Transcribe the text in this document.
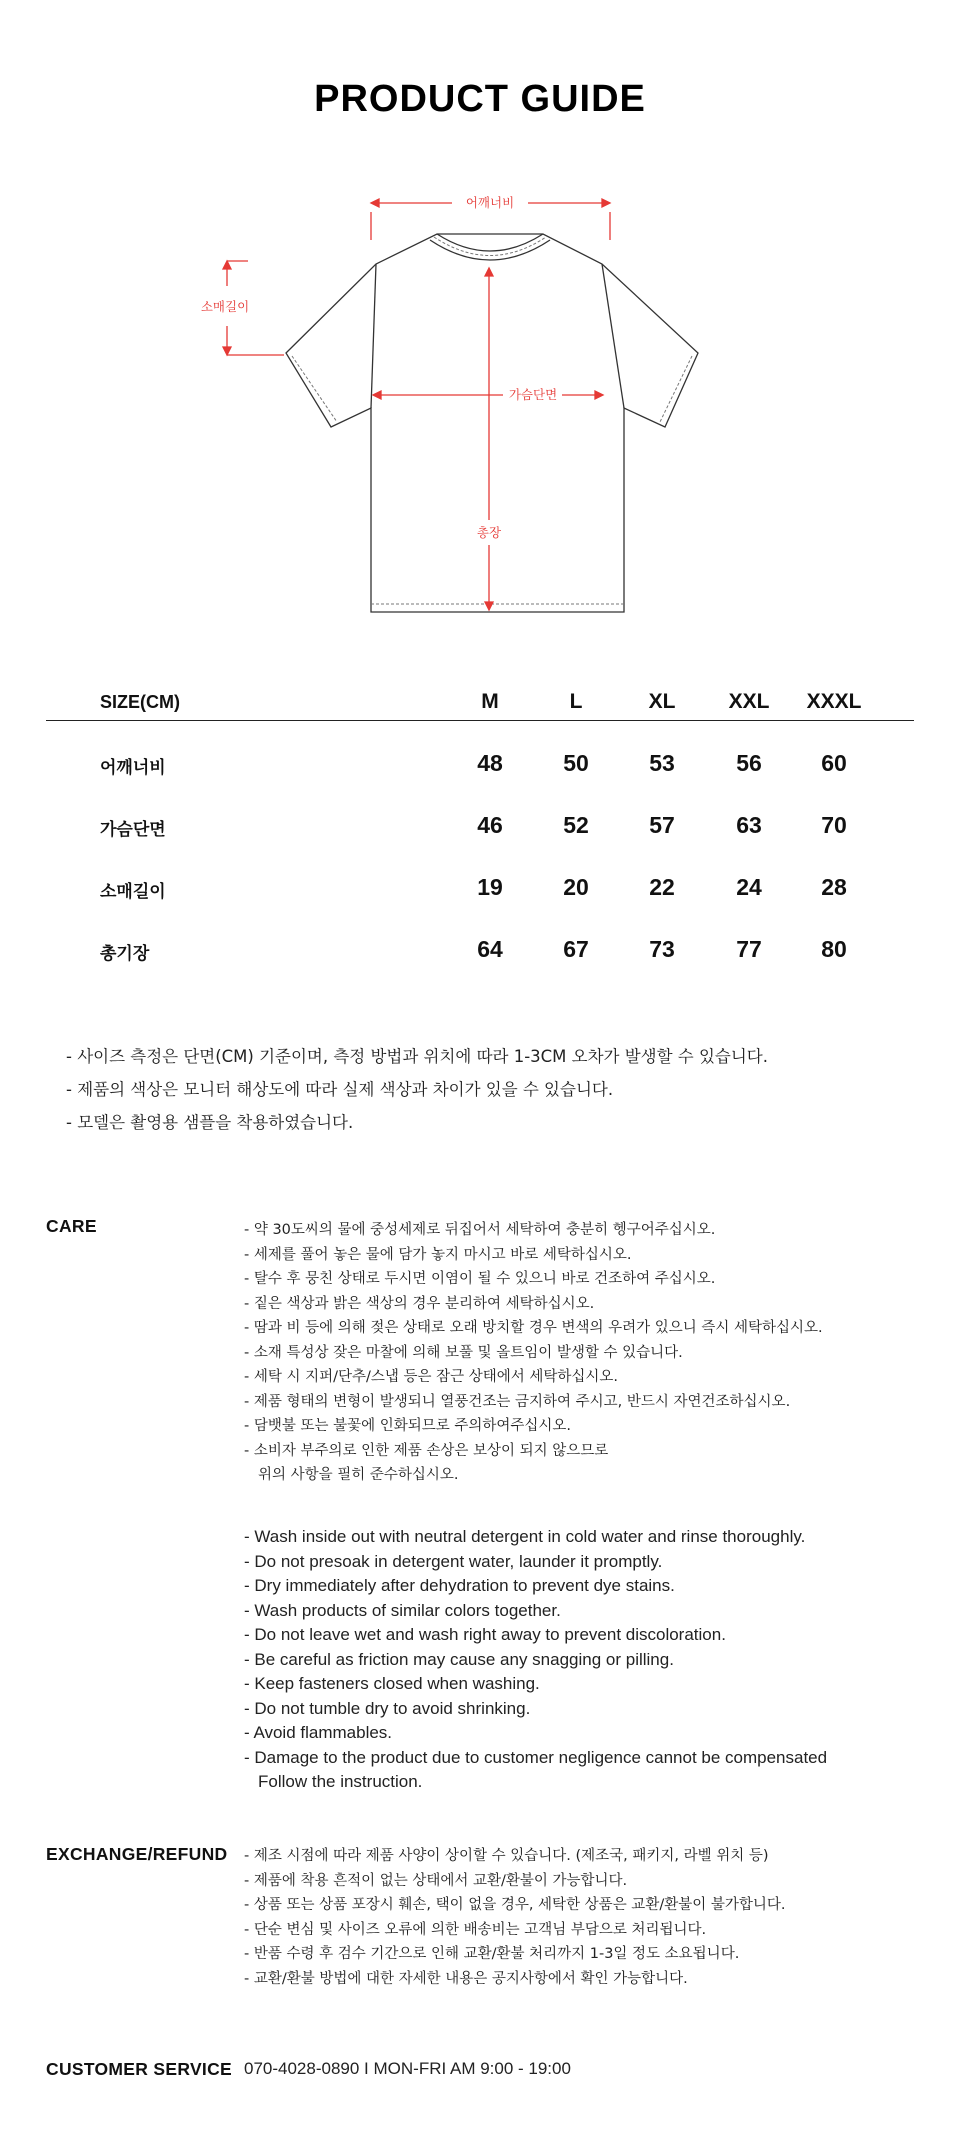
PRODUCT GUIDE
어깨너비
소매길이
가슴단면
총장
SIZE(CM)	M	L	XL	XXL	XXXL
어깨너비	48	50	53	56	60
가슴단면	46	52	57	63	70
소매길이	19	20	22	24	28
총기장	64	67	73	77	80
- 사이즈 측정은 단면(CM) 기준이며, 측정 방법과 위치에 따라 1-3CM 오차가 발생할 수 있습니다.
- 제품의 색상은 모니터 해상도에 따라 실제 색상과 차이가 있을 수 있습니다.
- 모델은 촬영용 샘플을 착용하였습니다.
CARE	- 약 30도씨의 물에 중성세제로 뒤집어서 세탁하여 충분히 헹구어주십시오.
- 세제를 풀어 놓은 물에 담가 놓지 마시고 바로 세탁하십시오.
- 탈수 후 뭉친 상태로 두시면 이염이 될 수 있으니 바로 건조하여 주십시오.
- 짙은 색상과 밝은 색상의 경우 분리하여 세탁하십시오.
- 땀과 비 등에 의해 젖은 상태로 오래 방치할 경우 변색의 우려가 있으니 즉시 세탁하십시오.
- 소재 특성상 잦은 마찰에 의해 보풀 및 올트임이 발생할 수 있습니다.
- 세탁 시 지퍼/단추/스냅 등은 잠근 상태에서 세탁하십시오.
- 제품 형태의 변형이 발생되니 열풍건조는 금지하여 주시고, 반드시 자연건조하십시오.
- 담뱃불 또는 불꽃에 인화되므로 주의하여주십시오.
- 소비자 부주의로 인한 제품 손상은 보상이 되지 않으므로
위의 사항을 필히 준수하십시오.
- Wash inside out with neutral detergent in cold water and rinse thoroughly.
- Do not presoak in detergent water, launder it promptly.
- Dry immediately after dehydration to prevent dye stains.
- Wash products of similar colors together.
- Do not leave wet and wash right away to prevent discoloration.
- Be careful as friction may cause any snagging or pilling.
- Keep fasteners closed when washing.
- Do not tumble dry to avoid shrinking.
- Avoid flammables.
- Damage to the product due to customer negligence cannot be compensated
Follow the instruction.
EXCHANGE/REFUND - 제조 시점에 따라 제품 사양이 상이할 수 있습니다. (제조국, 패키지, 라벨 위치 등)
- 제품에 착용 흔적이 없는 상태에서 교환/환불이 가능합니다.
- 상품 또는 상품 포장시 훼손, 택이 없을 경우, 세탁한 상품은 교환/환불이 불가합니다.
- 단순 변심 및 사이즈 오류에 의한 배송비는 고객님 부담으로 처리됩니다.
- 반품 수령 후 검수 기간으로 인해 교환/환불 처리까지 1-3일 정도 소요됩니다.
- 교환/환불 방법에 대한 자세한 내용은 공지사항에서 확인 가능합니다.
CUSTOMER SERVICE 070-4028-0890 I MON-FRI AM 9:00 - 19:00
